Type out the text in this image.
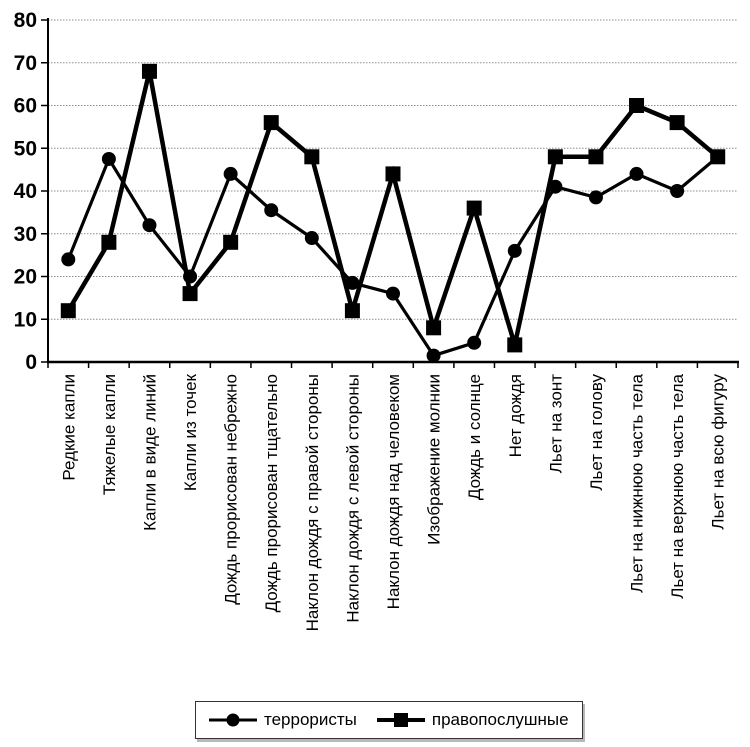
0
10
20
30
40
50
60
70
80
Редкие капли Тяжелые капли Капли в виде линий Капли из точек Дождь прорисован небрежно Дождь прорисован тщательно Наклон дождя с правой стороны Наклон дождя с левой стороны Наклон дождя над человеком Изображение молнии Дождь и солнце Нет дождя Льет на зонт Льет на голову Льет на нижнюю часть тела Льет на верхнюю часть тела Льет на всю фигуру
террористы	правопослушные
